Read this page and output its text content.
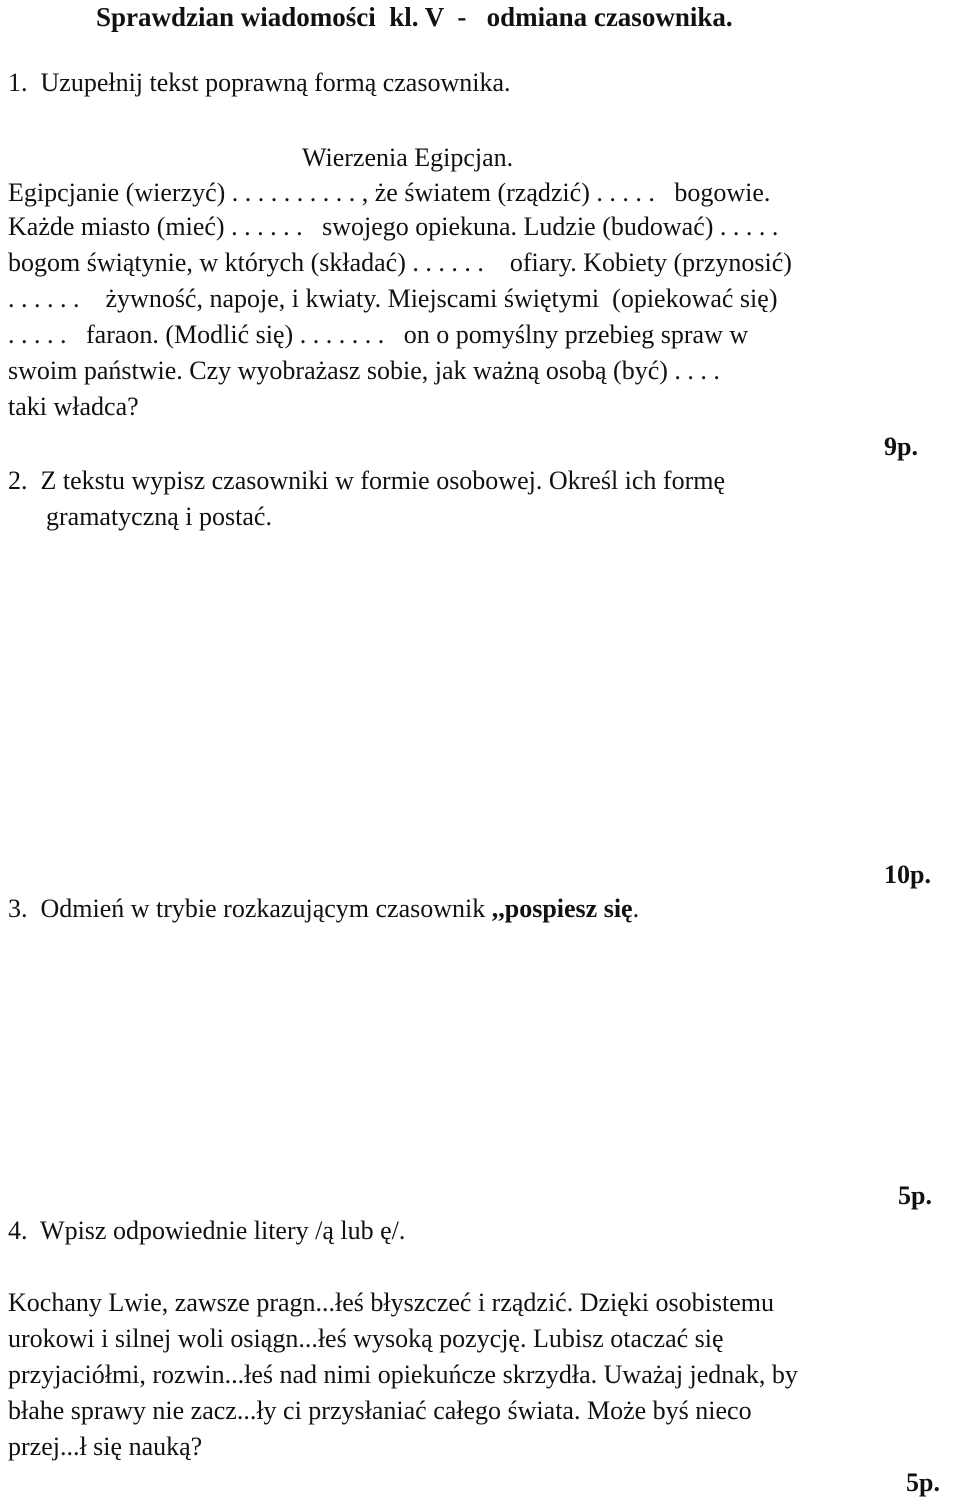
Sprawdzian wiadomości  kl. V  -   odmiana czasownika.
1.  Uzupełnij tekst poprawną formą czasownika.
Wierzenia Egipcjan.
Egipcjanie (wierzyć) . . . . . . . . . . , że światem (rządzić) . . . . .   bogowie.
Każde miasto (mieć) . . . . . .   swojego opiekuna. Ludzie (budować) . . . . .
bogom świątynie, w których (składać) . . . . . .    ofiary. Kobiety (przynosić)
. . . . . .    żywność, napoje, i kwiaty. Miejscami świętymi  (opiekować się)
. . . . .   faraon. (Modlić się) . . . . . . .   on o pomyślny przebieg spraw w
swoim państwie. Czy wyobrażasz sobie, jak ważną osobą (być) . . . .
taki władca?
9p.
2.  Z tekstu wypisz czasowniki w formie osobowej. Określ ich formę
gramatyczną i postać.
10p.
3.  Odmień w trybie rozkazującym czasownik ,,pospiesz się.
5p.
4.  Wpisz odpowiednie litery /ą lub ę/.
Kochany Lwie, zawsze pragn...łeś błyszczeć i rządzić. Dzięki osobistemu
urokowi i silnej woli osiągn...łeś wysoką pozycję. Lubisz otaczać się
przyjaciółmi, rozwin...łeś nad nimi opiekuńcze skrzydła. Uważaj jednak, by
błahe sprawy nie zacz...ły ci przysłaniać całego świata. Może byś nieco
przej...ł się nauką?
5p.
